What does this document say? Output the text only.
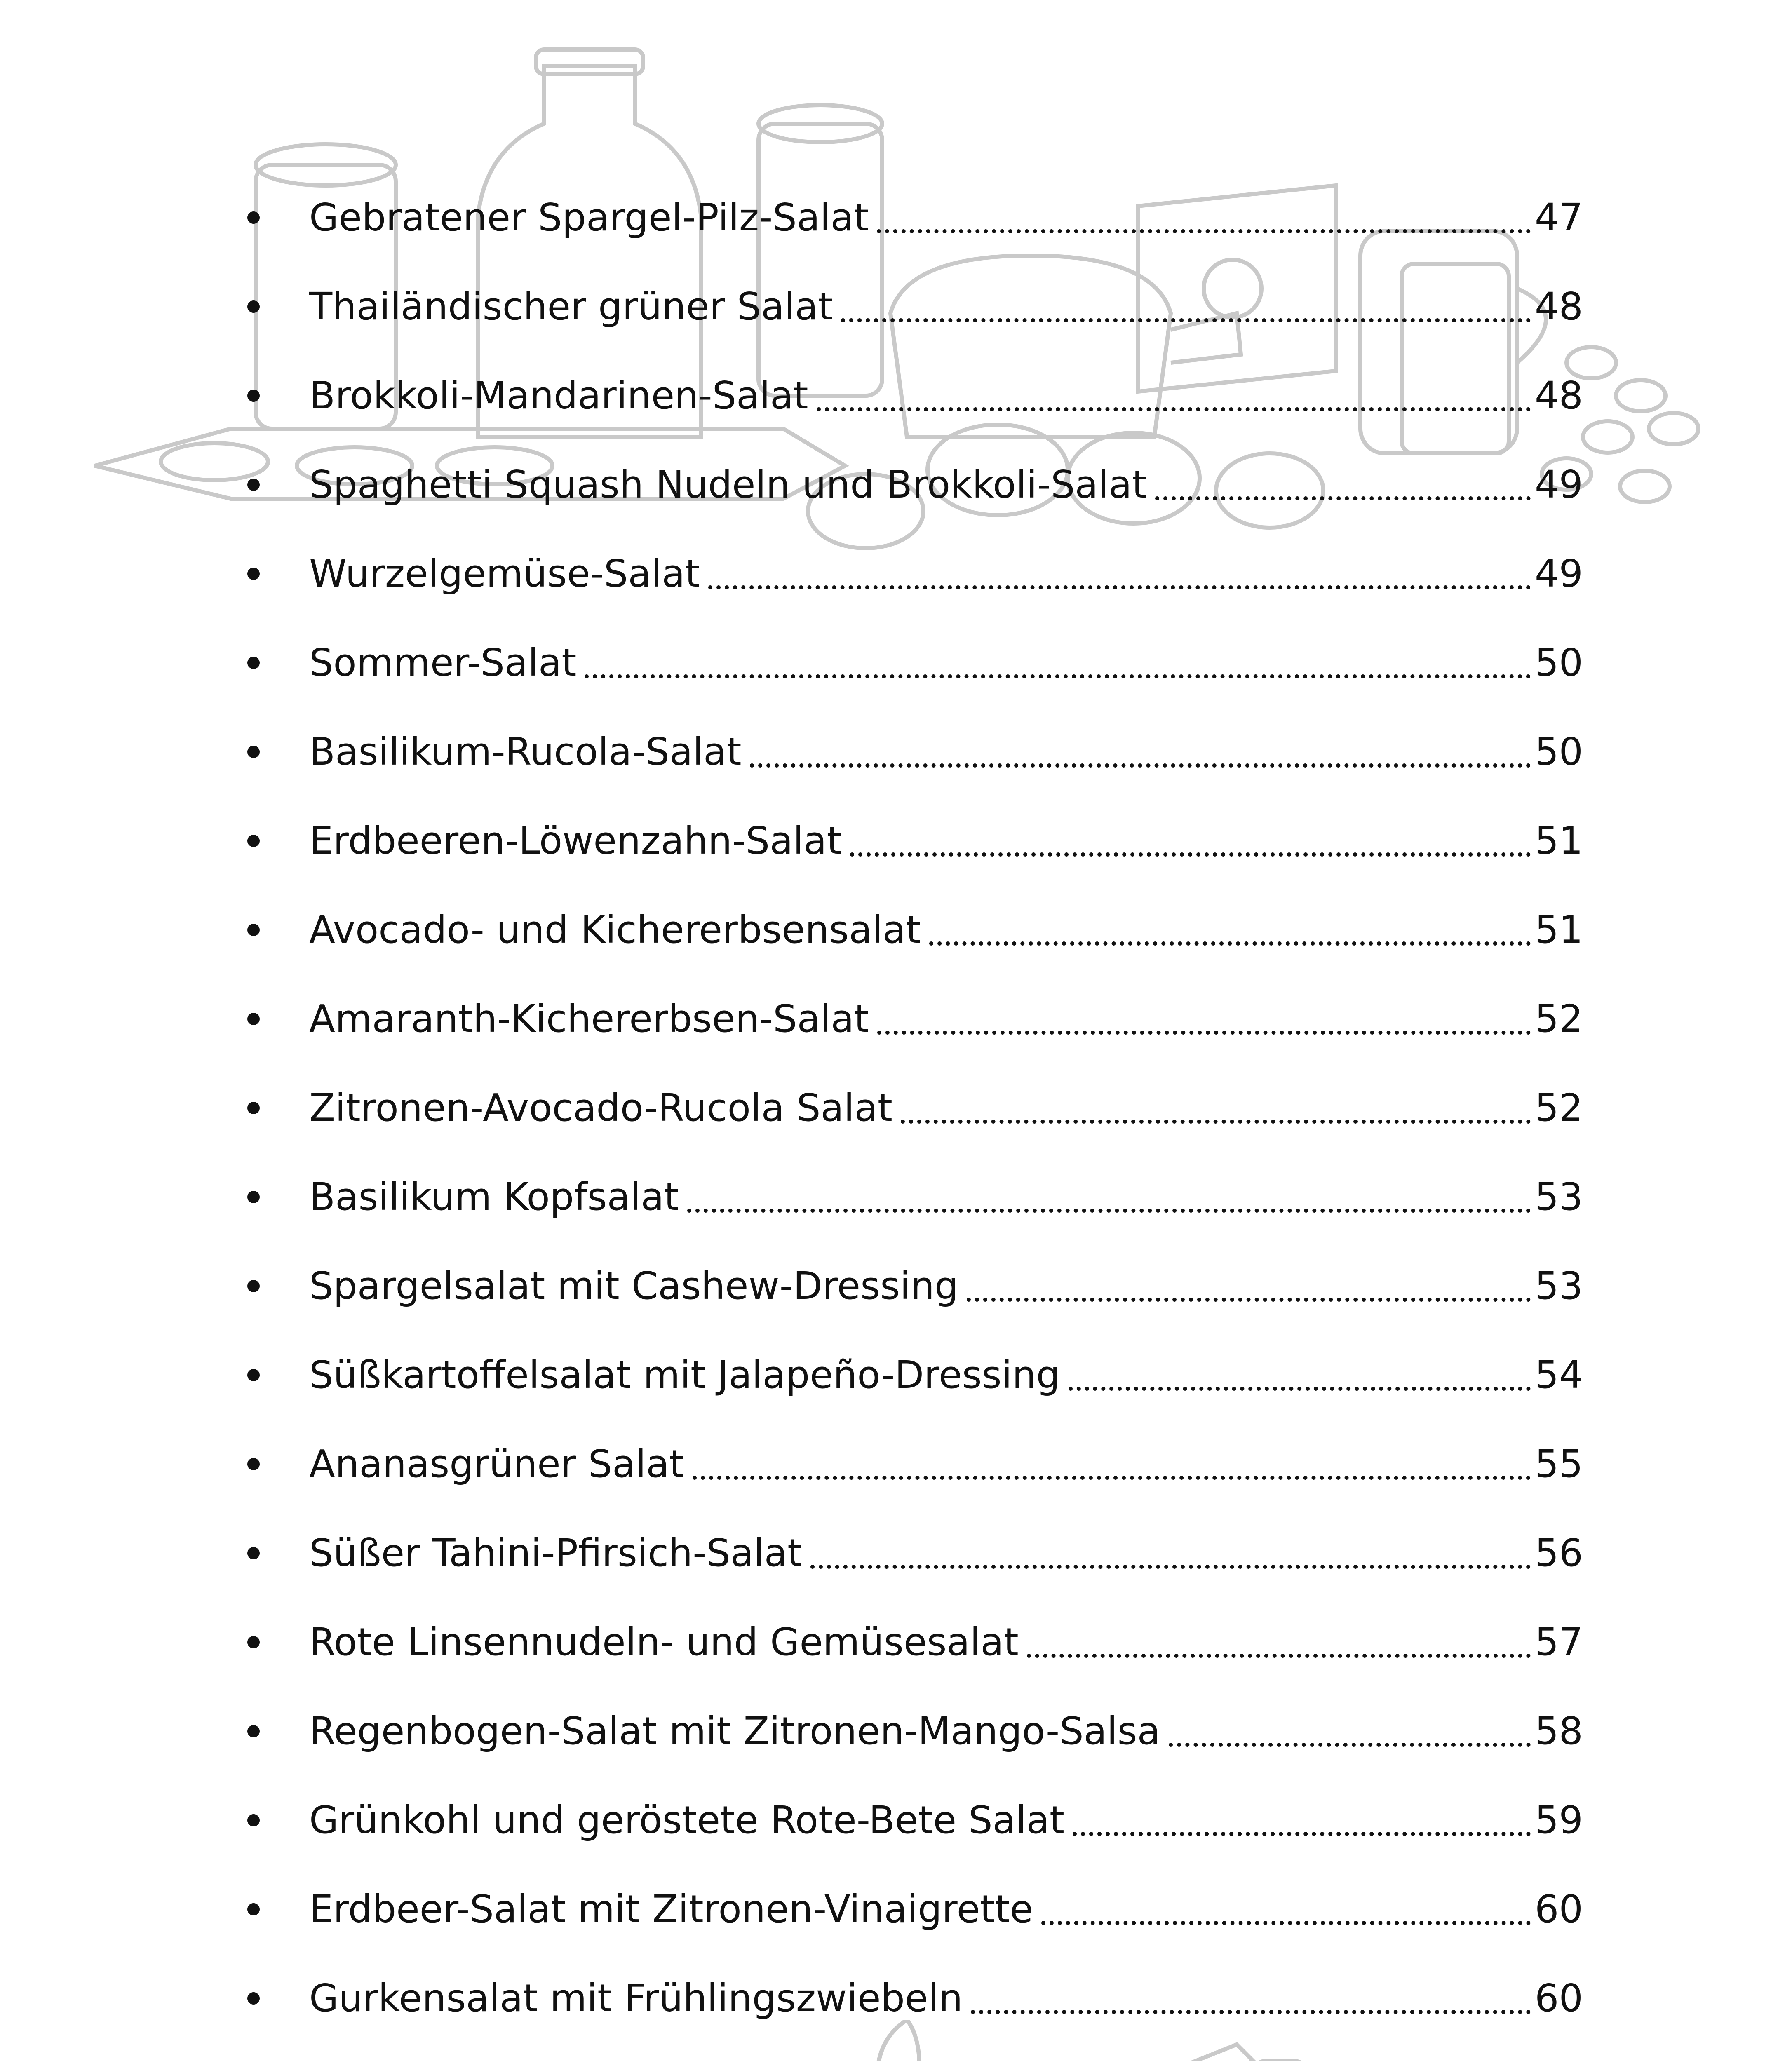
Gebratener Spargel-Pilz-Salat	47
Thailändischer grüner Salat	48
Brokkoli-Mandarinen-Salat	48
Spaghetti Squash Nudeln und Brokkoli-Salat	49
Wurzelgemüse-Salat	49
Sommer-Salat	50
Basilikum-Rucola-Salat	50
Erdbeeren-Löwenzahn-Salat	51
Avocado- und Kichererbsensalat	51
Amaranth-Kichererbsen-Salat	52
Zitronen-Avocado-Rucola Salat	52
Basilikum Kopfsalat	53
Spargelsalat mit Cashew-Dressing	53
Süßkartoffelsalat mit Jalapeño-Dressing	54
Ananasgrüner Salat	55
Süßer Tahini-Pfirsich-Salat	56
Rote Linsennudeln- und Gemüsesalat	57
Regenbogen-Salat mit Zitronen-Mango-Salsa	58
Grünkohl und geröstete Rote-Bete Salat	59
Erdbeer-Salat mit Zitronen-Vinaigrette	60
Gurkensalat mit Frühlingszwiebeln	60
